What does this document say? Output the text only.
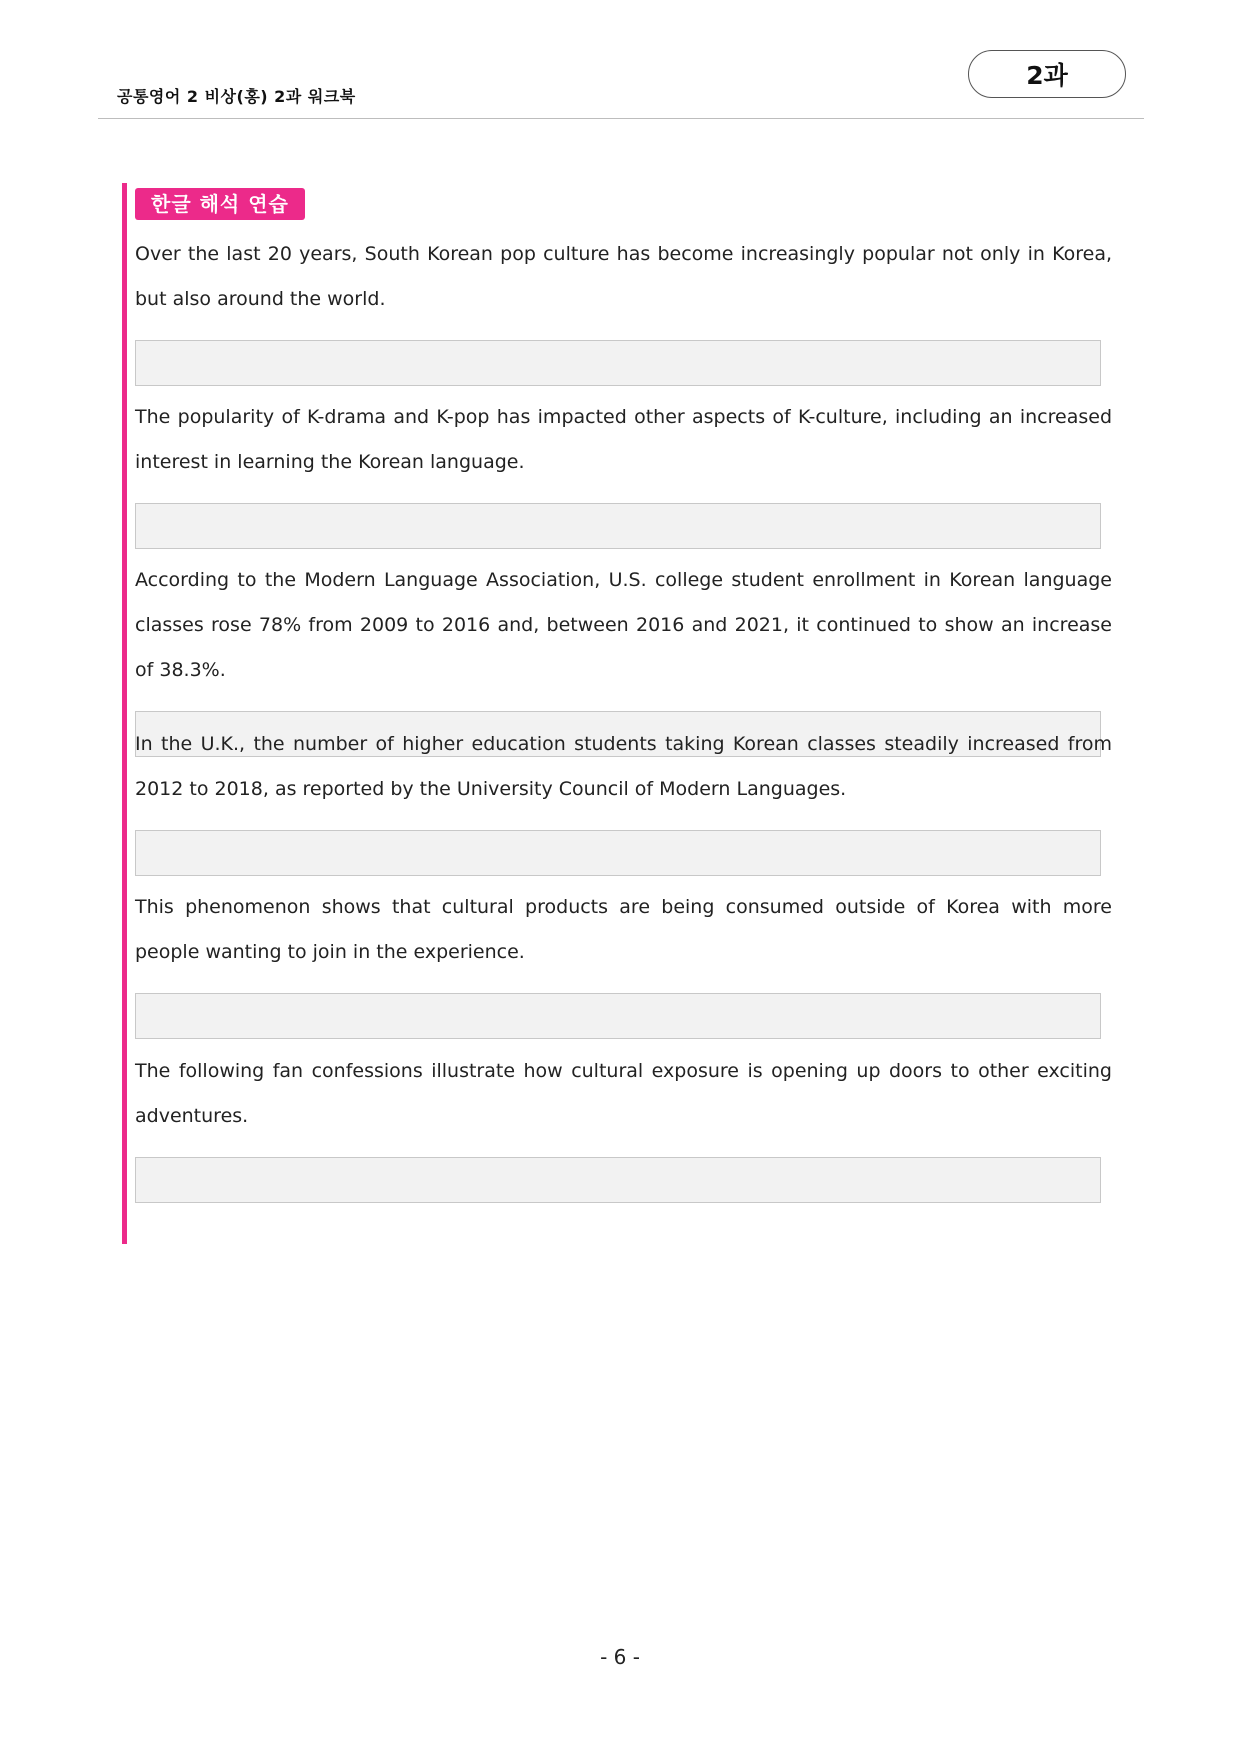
공통영어 2 비상(홍) 2과 워크북
2과
한글 해석 연습

Over the last 20 years, South Korean pop culture has become increasingly popular not only in Korea, but also around the world.

The popularity of K-drama and K-pop has impacted other aspects of K-culture, including an increased interest in learning the Korean language.

According to the Modern Language Association, U.S. college student enrollment in Korean language classes rose 78% from 2009 to 2016 and, between 2016 and 2021, it continued to show an increase of 38.3%.

In the U.K., the number of higher education students taking Korean classes steadily increased from 2012 to 2018, as reported by the University Council of Modern Languages.

This phenomenon shows that cultural products are being consumed outside of Korea with more people wanting to join in the experience.

The following fan confessions illustrate how cultural exposure is opening up doors to other exciting adventures.

- 6 -
